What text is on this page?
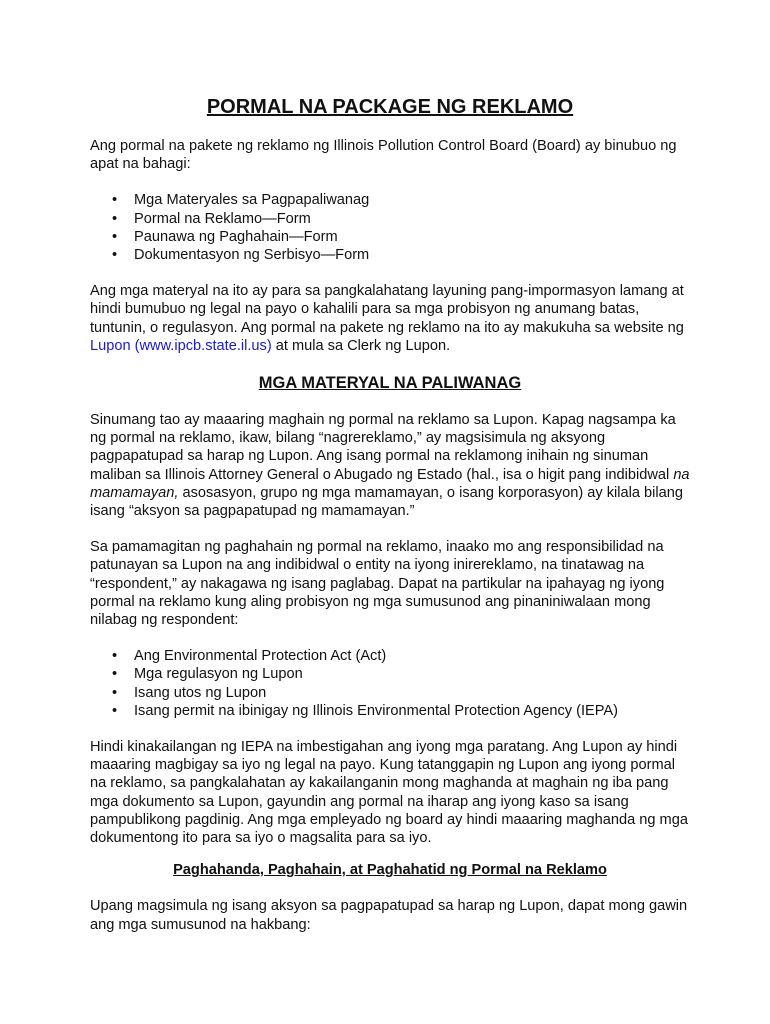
PORMAL NA PACKAGE NG REKLAMO

Ang pormal na pakete ng reklamo ng Illinois Pollution Control Board (Board) ay binubuo ng apat na bahagi:

• Mga Materyales sa Pagpapaliwanag
• Pormal na Reklamo—Form
• Paunawa ng Paghahain—Form
• Dokumentasyon ng Serbisyo—Form

Ang mga materyal na ito ay para sa pangkalahatang layuning pang-impormasyon lamang at hindi bumubuo ng legal na payo o kahalili para sa mga probisyon ng anumang batas, tuntunin, o regulasyon. Ang pormal na pakete ng reklamo na ito ay makukuha sa website ng Lupon (www.ipcb.state.il.us) at mula sa Clerk ng Lupon.

MGA MATERYAL NA PALIWANAG

Sinumang tao ay maaaring maghain ng pormal na reklamo sa Lupon. Kapag nagsampa ka ng pormal na reklamo, ikaw, bilang “nagrereklamo,” ay magsisimula ng aksyong pagpapatupad sa harap ng Lupon. Ang isang pormal na reklamong inihain ng sinuman maliban sa Illinois Attorney General o Abugado ng Estado (hal., isa o higit pang indibidwal na mamamayan, asosasyon, grupo ng mga mamamayan, o isang korporasyon) ay kilala bilang isang “aksyon sa pagpapatupad ng mamamayan.”

Sa pamamagitan ng paghahain ng pormal na reklamo, inaako mo ang responsibilidad na patunayan sa Lupon na ang indibidwal o entity na iyong inirereklamo, na tinatawag na “respondent,” ay nakagawa ng isang paglabag. Dapat na partikular na ipahayag ng iyong pormal na reklamo kung aling probisyon ng mga sumusunod ang pinaniniwalaan mong nilabag ng respondent:

• Ang Environmental Protection Act (Act)
• Mga regulasyon ng Lupon
• Isang utos ng Lupon
• Isang permit na ibinigay ng Illinois Environmental Protection Agency (IEPA)

Hindi kinakailangan ng IEPA na imbestigahan ang iyong mga paratang. Ang Lupon ay hindi maaaring magbigay sa iyo ng legal na payo. Kung tatanggapin ng Lupon ang iyong pormal na reklamo, sa pangkalahatan ay kakailanganin mong maghanda at maghain ng iba pang mga dokumento sa Lupon, gayundin ang pormal na iharap ang iyong kaso sa isang pampublikong pagdinig. Ang mga empleyado ng board ay hindi maaaring maghanda ng mga dokumentong ito para sa iyo o magsalita para sa iyo.

Paghahanda, Paghahain, at Paghahatid ng Pormal na Reklamo

Upang magsimula ng isang aksyon sa pagpapatupad sa harap ng Lupon, dapat mong gawin ang mga sumusunod na hakbang:
